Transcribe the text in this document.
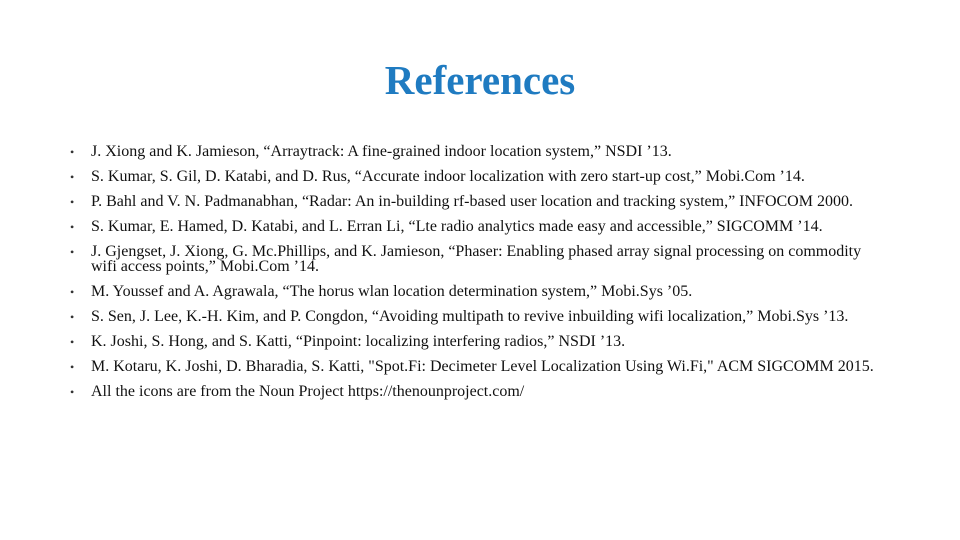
References
• J. Xiong and K. Jamieson, “Arraytrack: A fine-grained indoor location system,” NSDI ’13.
• S. Kumar, S. Gil, D. Katabi, and D. Rus, “Accurate indoor localization with zero start-up cost,” Mobi.Com ’14.
• P. Bahl and V. N. Padmanabhan, “Radar: An in-building rf-based user location and tracking system,” INFOCOM 2000.
• S. Kumar, E. Hamed, D. Katabi, and L. Erran Li, “Lte radio analytics made easy and accessible,” SIGCOMM ’14.
• J. Gjengset, J. Xiong, G. Mc.Phillips, and K. Jamieson, “Phaser: Enabling phased array signal processing on commodity wifi access points,” Mobi.Com ’14.
• M. Youssef and A. Agrawala, “The horus wlan location determination system,” Mobi.Sys ’05.
• S. Sen, J. Lee, K.-H. Kim, and P. Congdon, “Avoiding multipath to revive inbuilding wifi localization,” Mobi.Sys ’13.
• K. Joshi, S. Hong, and S. Katti, “Pinpoint: localizing interfering radios,” NSDI ’13.
• M. Kotaru, K. Joshi, D. Bharadia, S. Katti, "Spot.Fi: Decimeter Level Localization Using Wi.Fi," ACM SIGCOMM 2015.
• All the icons are from the Noun Project https://thenounproject.com/
